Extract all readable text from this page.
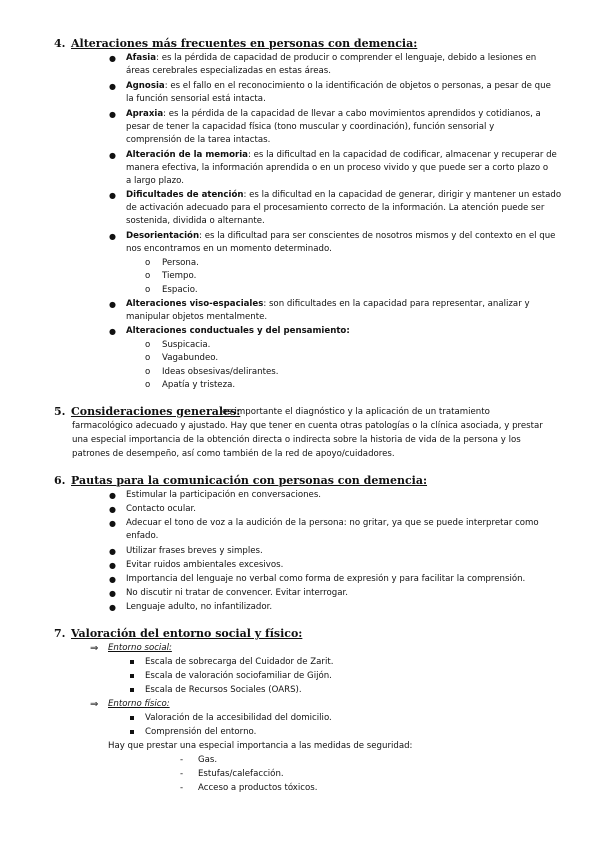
4. Alteraciones más frecuentes en personas con demencia:
● Afasia: es la pérdida de capacidad de producir o comprender el lenguaje, debido a lesiones en
áreas cerebrales especializadas en estas áreas.
● Agnosia: es el fallo en el reconocimiento o la identificación de objetos o personas, a pesar de que
la función sensorial está intacta.
● Apraxia: es la pérdida de la capacidad de llevar a cabo movimientos aprendidos y cotidianos, a
pesar de tener la capacidad física (tono muscular y coordinación), función sensorial y
comprensión de la tarea intactas.
● Alteración de la memoria: es la dificultad en la capacidad de codificar, almacenar y recuperar de
manera efectiva, la información aprendida o en un proceso vivido y que puede ser a corto plazo o
a largo plazo.
● Dificultades de atención: es la dificultad en la capacidad de generar, dirigir y mantener un estado
de activación adecuado para el procesamiento correcto de la información. La atención puede ser
sostenida, dividida o alternante.
● Desorientación: es la dificultad para ser conscientes de nosotros mismos y del contexto en el que
nos encontramos en un momento determinado.
o Persona.
o Tiempo.
o Espacio.
● Alteraciones viso-espaciales: son dificultades en la capacidad para representar, analizar y
manipular objetos mentalmente.
● Alteraciones conductuales y del pensamiento:
o Suspicacia.
o Vagabundeo.
o Ideas obsesivas/delirantes.
o Apatía y tristeza.
5. Consideraciones generales:
es importante el diagnóstico y la aplicación de un tratamiento
farmacológico adecuado y ajustado. Hay que tener en cuenta otras patologías o la clínica asociada, y prestar
una especial importancia de la obtención directa o indirecta sobre la historia de vida de la persona y los
patrones de desempeño, así como también de la red de apoyo/cuidadores.
6. Pautas para la comunicación con personas con demencia:
● Estimular la participación en conversaciones.
● Contacto ocular.
● Adecuar el tono de voz a la audición de la persona: no gritar, ya que se puede interpretar como
enfado.
● Utilizar frases breves y simples.
● Evitar ruidos ambientales excesivos.
● Importancia del lenguaje no verbal como forma de expresión y para facilitar la comprensión.
● No discutir ni tratar de convencer. Evitar interrogar.
● Lenguaje adulto, no infantilizador.
7. Valoración del entorno social y físico:
⇒ Entorno social:
Escala de sobrecarga del Cuidador de Zarit.
Escala de valoración sociofamiliar de Gijón.
Escala de Recursos Sociales (OARS).
⇒ Entorno físico:
Valoración de la accesibilidad del domicilio.
Comprensión del entorno.
Hay que prestar una especial importancia a las medidas de seguridad:
- Gas.
- Estufas/calefacción.
- Acceso a productos tóxicos.
